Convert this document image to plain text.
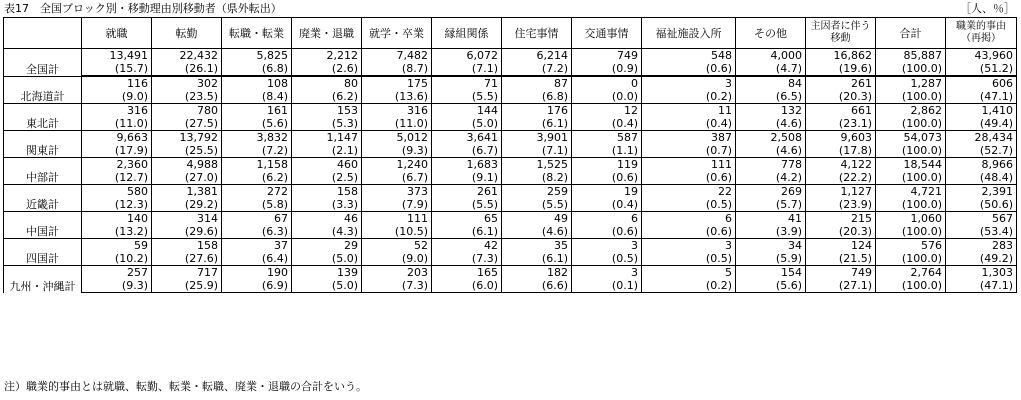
表17　全国ブロック別・移動理由別移動者（県外転出）	［人、％］
	就職	転勤	転職・転業	廃業・退職	就学・卒業	縁組関係	住宅事情	交通事情	福祉施設入所	その他	主因者に伴う移動	合計	職業的事由（再掲）
全国計	13,491	22,432	5,825	2,212	7,482	6,072	6,214	749	548	4,000	16,862	85,887	43,960
	(15.7)	(26.1)	(6.8)	(2.6)	(8.7)	(7.1)	(7.2)	(0.9)	(0.6)	(4.7)	(19.6)	(100.0)	(51.2)
北海道計	116	302	108	80	175	71	87	0	3	84	261	1,287	606
	(9.0)	(23.5)	(8.4)	(6.2)	(13.6)	(5.5)	(6.8)	(0.0)	(0.2)	(6.5)	(20.3)	(100.0)	(47.1)
東北計	316	780	161	153	316	144	176	12	11	132	661	2,862	1,410
	(11.0)	(27.5)	(5.6)	(5.3)	(11.0)	(5.0)	(6.1)	(0.4)	(0.4)	(4.6)	(23.1)	(100.0)	(49.4)
関東計	9,663	13,792	3,832	1,147	5,012	3,641	3,901	587	387	2,508	9,603	54,073	28,434
	(17.9)	(25.5)	(7.2)	(2.1)	(9.3)	(6.7)	(7.1)	(1.1)	(0.7)	(4.6)	(17.8)	(100.0)	(52.7)
中部計	2,360	4,988	1,158	460	1,240	1,683	1,525	119	111	778	4,122	18,544	8,966
	(12.7)	(27.0)	(6.2)	(2.5)	(6.7)	(9.1)	(8.2)	(0.6)	(0.6)	(4.2)	(22.2)	(100.0)	(48.4)
近畿計	580	1,381	272	158	373	261	259	19	22	269	1,127	4,721	2,391
	(12.3)	(29.2)	(5.8)	(3.3)	(7.9)	(5.5)	(5.5)	(0.4)	(0.5)	(5.7)	(23.9)	(100.0)	(50.6)
中国計	140	314	67	46	111	65	49	6	6	41	215	1,060	567
	(13.2)	(29.6)	(6.3)	(4.3)	(10.5)	(6.1)	(4.6)	(0.6)	(0.6)	(3.9)	(20.3)	(100.0)	(53.4)
四国計	59	158	37	29	52	42	35	3	3	34	124	576	283
	(10.2)	(27.6)	(6.4)	(5.0)	(9.0)	(7.3)	(6.1)	(0.5)	(0.5)	(5.9)	(21.5)	(100.0)	(49.2)
九州・沖縄計	257	717	190	139	203	165	182	3	5	154	749	2,764	1,303
	(9.3)	(25.9)	(6.9)	(5.0)	(7.3)	(6.0)	(6.6)	(0.1)	(0.2)	(5.6)	(27.1)	(100.0)	(47.1)
注）職業的事由とは就職、転勤、転業・転職、廃業・退職の合計をいう。
